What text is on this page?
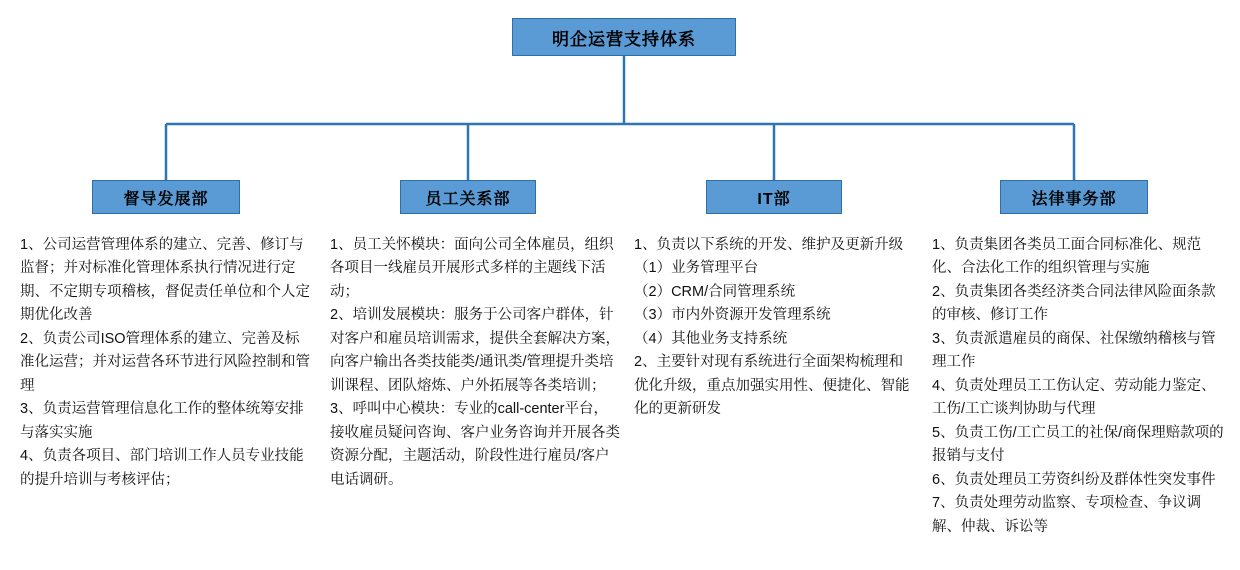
明企运营支持体系
督导发展部	员工关系部	IT部	法律事务部

1、公司运营管理体系的建立、完善、修订与监督；并对标准化管理体系执行情况进行定期、不定期专项稽核，督促责任单位和个人定期优化改善

2、负责公司ISO管理体系的建立、完善及标准化运营；并对运营各环节进行风险控制和管理

3、负责运营管理信息化工作的整体统筹安排与落实实施

4、负责各项目、部门培训工作人员专业技能的提升培训与考核评估；

1、员工关怀模块：面向公司全体雇员，组织各项目一线雇员开展形式多样的主题线下活动；

2、培训发展模块：服务于公司客户群体，针对客户和雇员培训需求，提供全套解决方案，向客户输出各类技能类/通讯类/管理提升类培训课程、团队熔炼、户外拓展等各类培训；

3、呼叫中心模块：专业的call-center平台，接收雇员疑问咨询、客户业务咨询并开展各类资源分配，主题活动，阶段性进行雇员/客户电话调研。

1、负责以下系统的开发、维护及更新升级

（1）业务管理平台

（2）CRM/合同管理系统

（3）市内外资源开发管理系统

（4）其他业务支持系统

2、主要针对现有系统进行全面架构梳理和优化升级，重点加强实用性、便捷化、智能化的更新研发

1、负责集团各类员工面合同标准化、规范化、合法化工作的组织管理与实施

2、负责集团各类经济类合同法律风险面条款的审核、修订工作

3、负责派遣雇员的商保、社保缴纳稽核与管理工作

4、负责处理员工工伤认定、劳动能力鉴定、工伤/工亡谈判协助与代理

5、负责工伤/工亡员工的社保/商保理赔款项的报销与支付

6、负责处理员工劳资纠纷及群体性突发事件

7、负责处理劳动监察、专项检查、争议调解、仲裁、诉讼等
